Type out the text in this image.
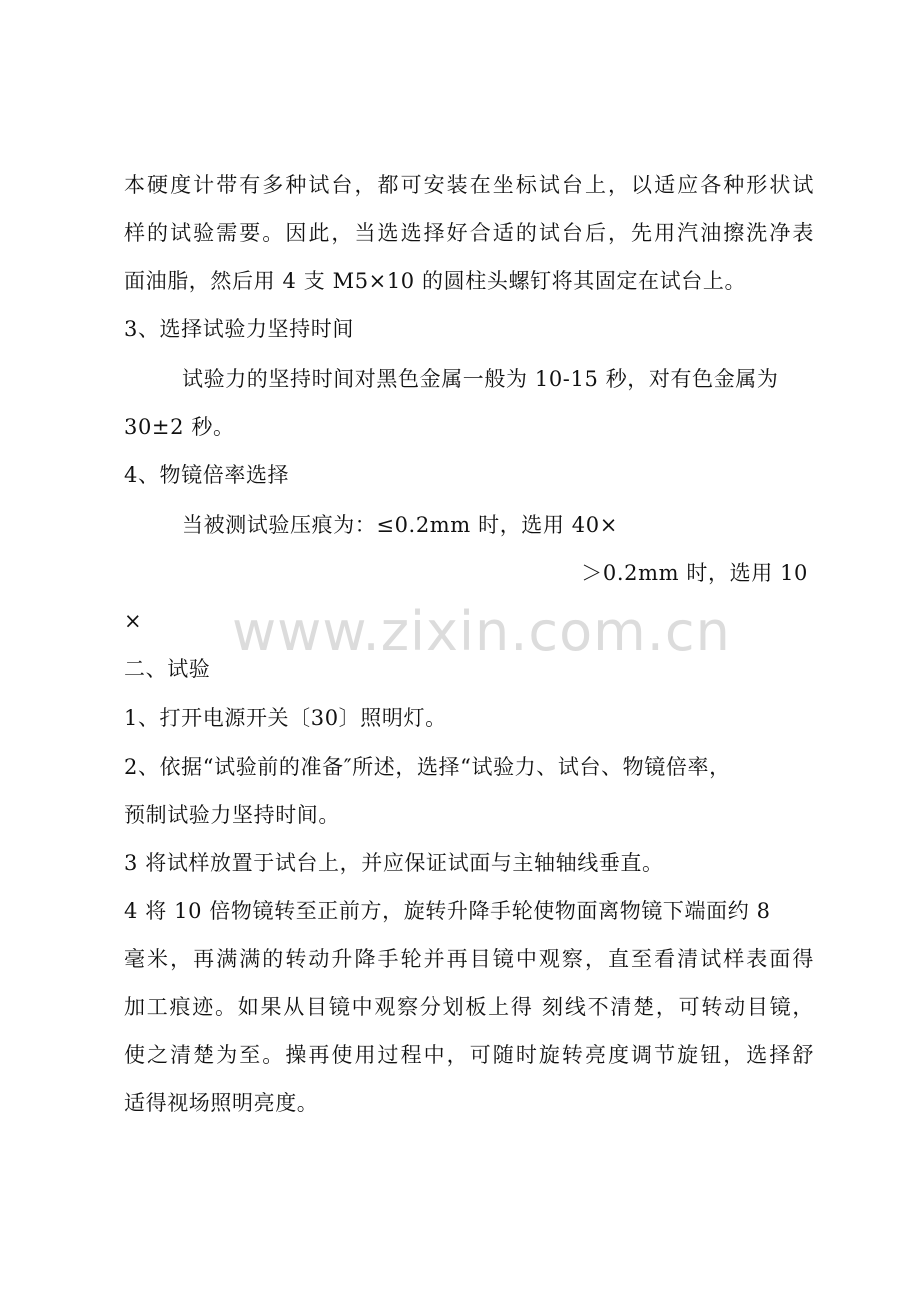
本硬度计带有多种试台，都可安装在坐标试台上，以适应各种形状试
样的试验需要。因此，当选选择好合适的试台后，先用汽油擦洗净表
面油脂，然后用 4 支 M5×10 的圆柱头螺钉将其固定在试台上。
3、选择试验力坚持时间
试验力的坚持时间对黑色金属一般为 10-15 秒，对有色金属为
30±2 秒。
4、物镜倍率选择
当被测试验压痕为：≤0.2mm 时，选用 40×
＞0.2mm 时，选用 10
×
二、试验
1、打开电源开关〔30〕照明灯。
2、依据“试验前的准备″所述，选择“试验力、试台、物镜倍率，
预制试验力坚持时间。
3 将试样放置于试台上，并应保证试面与主轴轴线垂直。
4 将 10 倍物镜转至正前方，旋转升降手轮使物面离物镜下端面约 8
毫米，再满满的转动升降手轮并再目镜中观察，直至看清试样表面得
加工痕迹。如果从目镜中观察分划板上得 刻线不清楚，可转动目镜，
使之清楚为至。操再使用过程中，可随时旋转亮度调节旋钮，选择舒
适得视场照明亮度。
www.zixin.com.cn
